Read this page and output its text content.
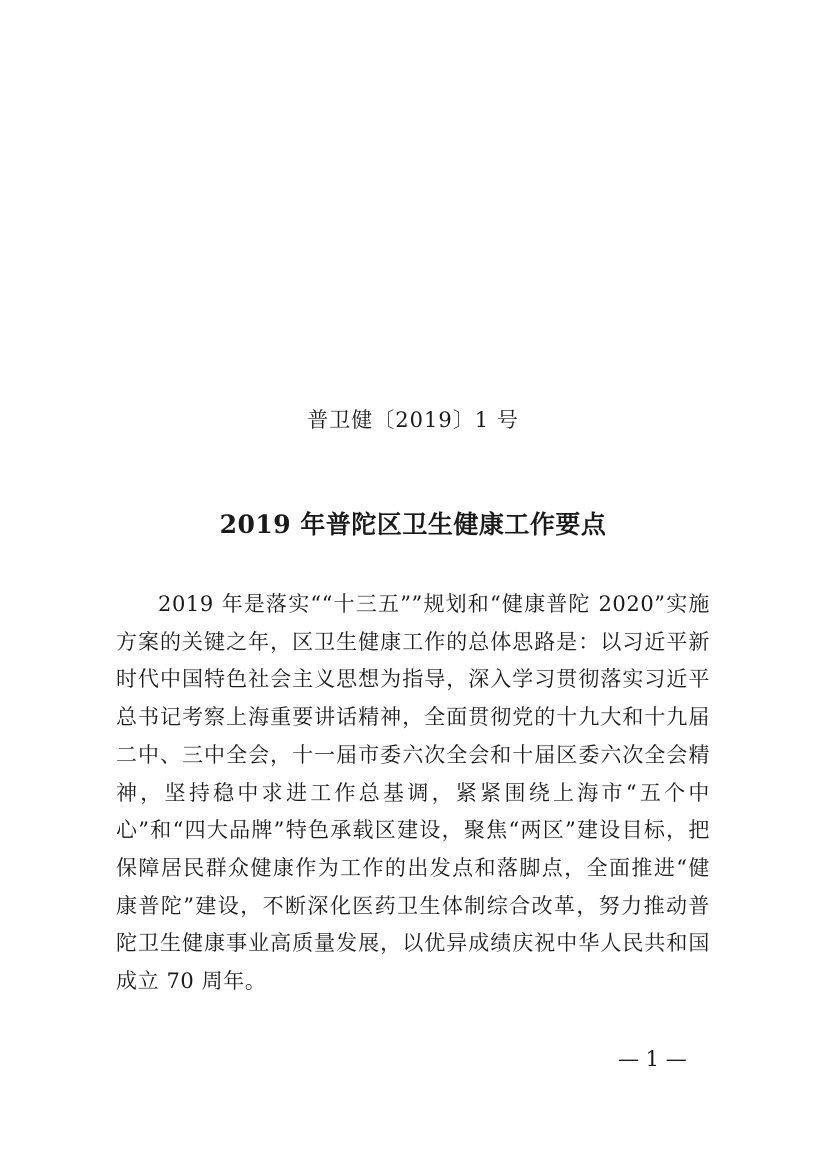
普卫健〔2019〕1 号
2019 年普陀区卫生健康工作要点

2019 年是落实““十三五””规划和“健康普陀 2020”实施方案的关键之年，区卫生健康工作的总体思路是：以习近平新时代中国特色社会主义思想为指导，深入学习贯彻落实习近平总书记考察上海重要讲话精神，全面贯彻党的十九大和十九届二中、三中全会，十一届市委六次全会和十届区委六次全会精神，坚持稳中求进工作总基调，紧紧围绕上海市“五个中心”和“四大品牌”特色承载区建设，聚焦“两区”建设目标，把保障居民群众健康作为工作的出发点和落脚点，全面推进“健康普陀”建设，不断深化医药卫生体制综合改革，努力推动普陀卫生健康事业高质量发展，以优异成绩庆祝中华人民共和国成立 70 周年。

— 1 —
